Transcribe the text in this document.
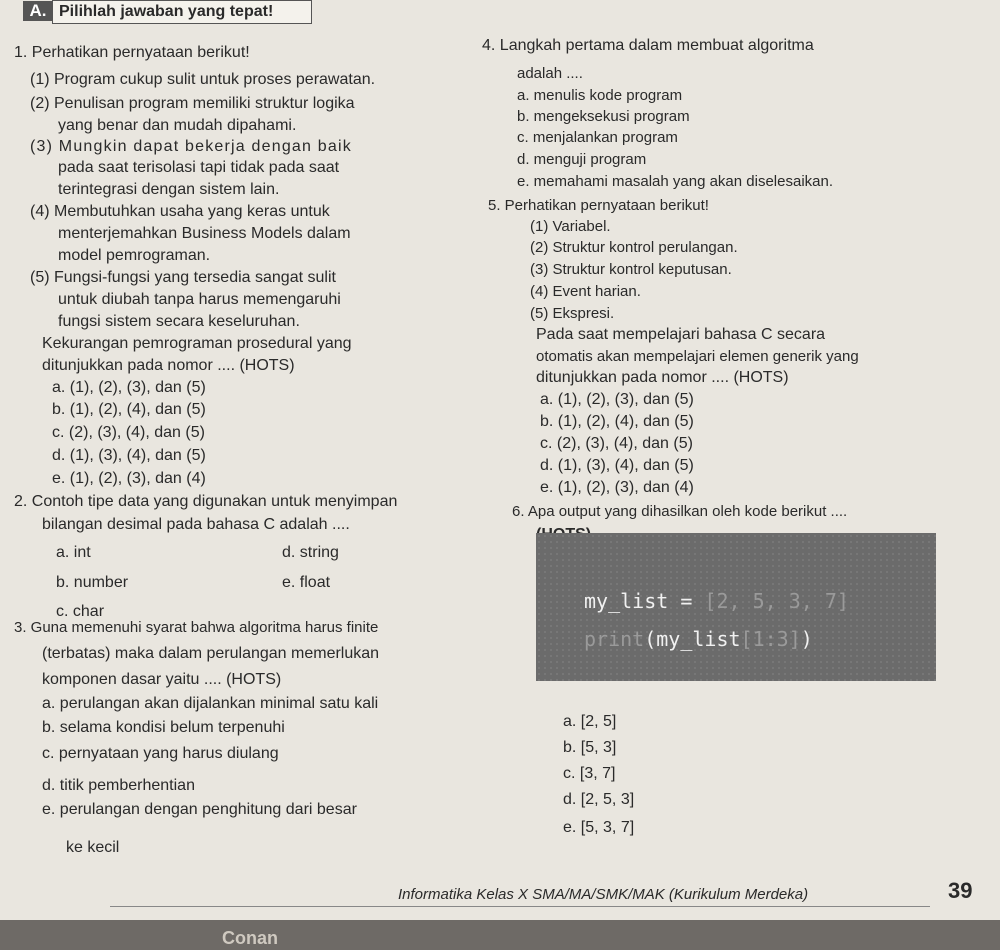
A. Pilihlah jawaban yang tepat!
1. Perhatikan pernyataan berikut!
(1) Program cukup sulit untuk proses perawatan.
(2) Penulisan program memiliki struktur logika
yang benar dan mudah dipahami.
(3) Mungkin dapat bekerja dengan baik
pada saat terisolasi tapi tidak pada saat
terintegrasi dengan sistem lain.
(4) Membutuhkan usaha yang keras untuk
menterjemahkan Business Models dalam
model pemrograman.
(5) Fungsi-fungsi yang tersedia sangat sulit
untuk diubah tanpa harus memengaruhi
fungsi sistem secara keseluruhan.
Kekurangan pemrograman prosedural yang
ditunjukkan pada nomor .... (HOTS)
a. (1), (2), (3), dan (5)
b. (1), (2), (4), dan (5)
c. (2), (3), (4), dan (5)
d. (1), (3), (4), dan (5)
e. (1), (2), (3), dan (4)
2. Contoh tipe data yang digunakan untuk menyimpan
bilangan desimal pada bahasa C adalah ....
a. int
b. number
c. char
d. string
e. float
3. Guna memenuhi syarat bahwa algoritma harus finite
(terbatas) maka dalam perulangan memerlukan
komponen dasar yaitu .... (HOTS)
a. perulangan akan dijalankan minimal satu kali
b. selama kondisi belum terpenuhi
c. pernyataan yang harus diulang
d. titik pemberhentian
e. perulangan dengan penghitung dari besar
ke kecil
4. Langkah pertama dalam membuat algoritma
adalah ....
a. menulis kode program
b. mengeksekusi program
c. menjalankan program
d. menguji program
e. memahami masalah yang akan diselesaikan.
5. Perhatikan pernyataan berikut!
(1) Variabel.
(2) Struktur kontrol perulangan.
(3) Struktur kontrol keputusan.
(4) Event harian.
(5) Ekspresi.
Pada saat mempelajari bahasa C secara
otomatis akan mempelajari elemen generik yang
ditunjukkan pada nomor .... (HOTS)
a. (1), (2), (3), dan (5)
b. (1), (2), (4), dan (5)
c. (2), (3), (4), dan (5)
d. (1), (3), (4), dan (5)
e. (1), (2), (3), dan (4)
6. Apa output yang dihasilkan oleh kode berikut ....
my_list = [2, 5, 3, 7]
print(my_list[1:3])
a. [2, 5]
b. [5, 3]
c. [3, 7]
d. [2, 5, 3]
e. [5, 3, 7]
Informatika Kelas X SMA/MA/SMK/MAK (Kurikulum Merdeka)	39
Conan
